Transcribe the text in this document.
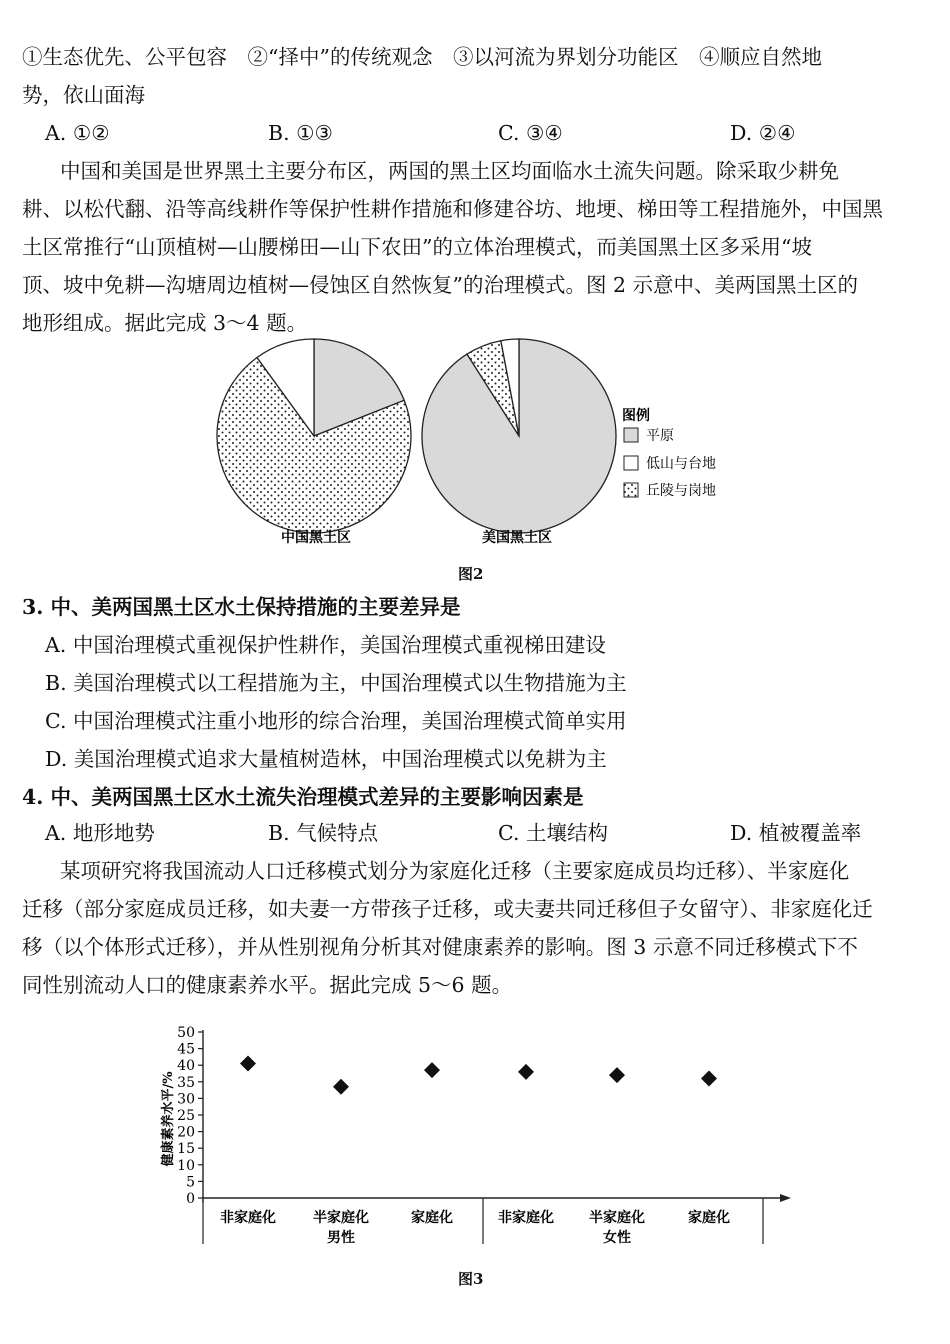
①生态优先、公平包容　②“择中”的传统观念　③以河流为界划分功能区　④顺应自然地
势，依山面海
A. ①②	B. ①③	C. ③④	D. ②④
中国和美国是世界黑土主要分布区，两国的黑土区均面临水土流失问题。除采取少耕免
耕、以松代翻、沿等高线耕作等保护性耕作措施和修建谷坊、地埂、梯田等工程措施外，中国黑
土区常推行“山顶植树—山腰梯田—山下农田”的立体治理模式，而美国黑土区多采用“坡
顶、坡中免耕—沟塘周边植树—侵蚀区自然恢复”的治理模式。图 2 示意中、美两国黑土区的
地形组成。据此完成 3～4 题。
中国黑土区	美国黑土区
图例
平原
低山与台地
丘陵与岗地
图2
3. 中、美两国黑土区水土保持措施的主要差异是
A. 中国治理模式重视保护性耕作，美国治理模式重视梯田建设
B. 美国治理模式以工程措施为主，中国治理模式以生物措施为主
C. 中国治理模式注重小地形的综合治理，美国治理模式简单实用
D. 美国治理模式追求大量植树造林，中国治理模式以免耕为主
4. 中、美两国黑土区水土流失治理模式差异的主要影响因素是
A. 地形地势	B. 气候特点	C. 土壤结构	D. 植被覆盖率
某项研究将我国流动人口迁移模式划分为家庭化迁移（主要家庭成员均迁移）、半家庭化
迁移（部分家庭成员迁移，如夫妻一方带孩子迁移，或夫妻共同迁移但子女留守）、非家庭化迁
移（以个体形式迁移），并从性别视角分析其对健康素养的影响。图 3 示意不同迁移模式下不
同性别流动人口的健康素养水平。据此完成 5～6 题。
健康素养水平/%
0
5
10
15
20
25
30
35
40
45
50
非家庭化	半家庭化	家庭化	非家庭化	半家庭化	家庭化
男性	女性
图3
